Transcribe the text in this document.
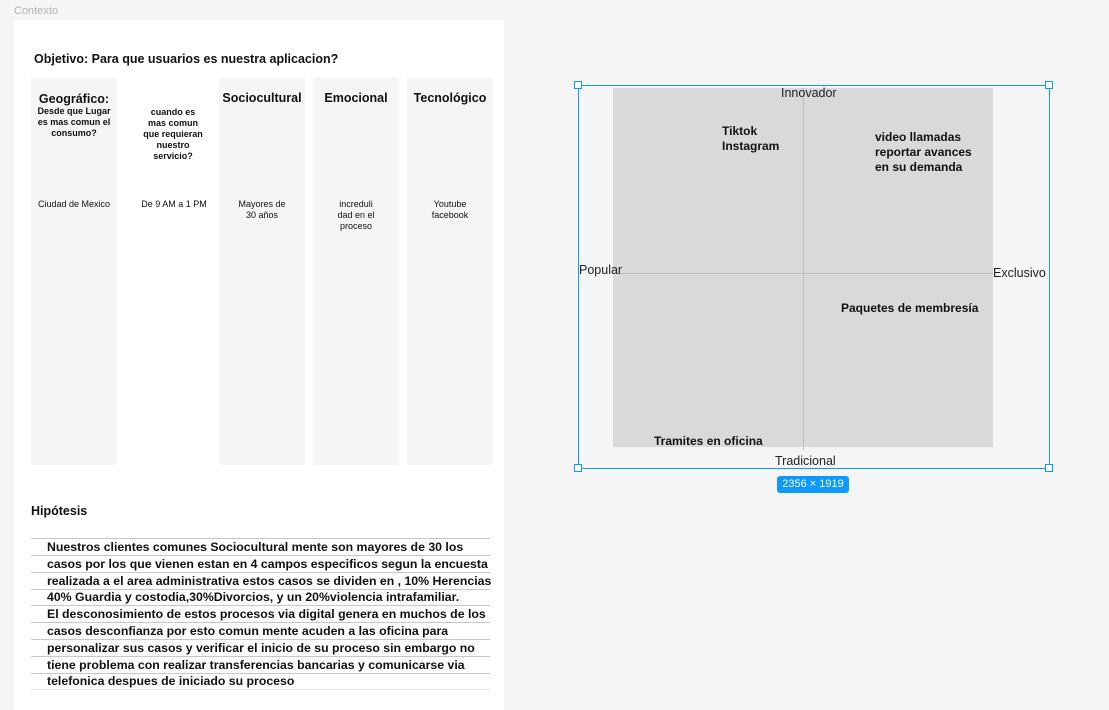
Contexto
Objetivo: Para que usuarios es nuestra aplicacion?
Geográfico:
Desde que Lugar es mas comun el consumo?
Ciudad de Mexico
cuando es mas comun que requieran nuestro servicio?
De 9 AM a 1 PM
Sociocultural
Mayores de 30 años
Emocional
increduli dad en el proceso
Tecnológico
Youtube facebook
Hipótesis
Nuestros clientes comunes Sociocultural mente son mayores de 30 los
casos por los que vienen estan en 4 campos especificos segun la encuesta
realizada a el area administrativa estos casos se dividen en , 10% Herencias
40% Guardia y costodia,30%Divorcios, y un 20%violencia intrafamiliar.
El desconosimiento de estos procesos via digital genera en muchos de los
casos desconfianza por esto comun mente acuden a las oficina para
personalizar sus casos y verificar el inicio de su proceso sin embargo no
tiene problema con realizar transferencias bancarias y comunicarse via
telefonica despues de iniciado su proceso
Innovador
Tradicional
Popular	Exclusivo
Tiktok
Instagram
video llamadas
reportar avances
en su demanda
Paquetes de membresía
Tramites en oficina
2356 × 1919
